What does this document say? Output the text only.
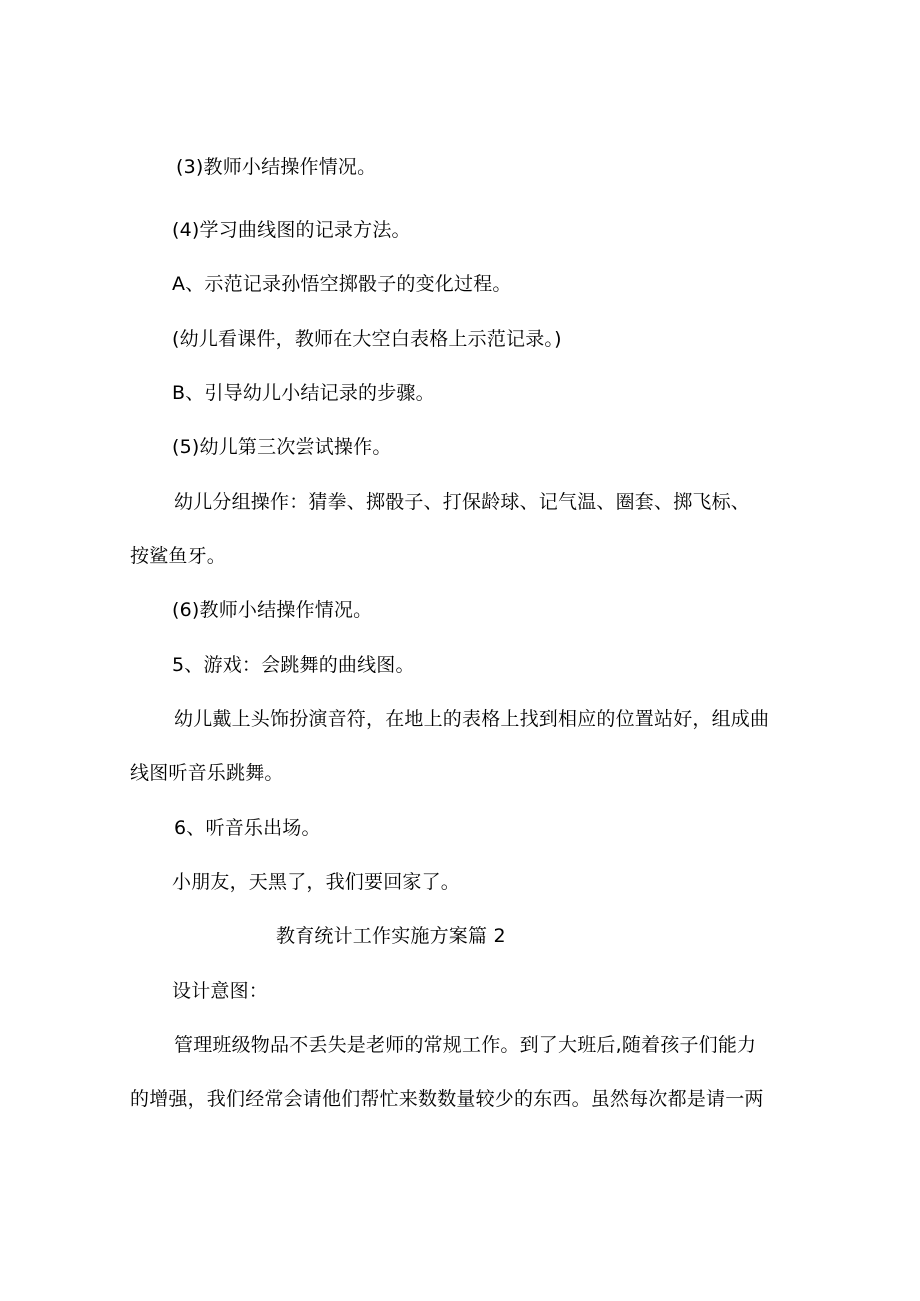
(3)教师小结操作情况。
(4)学习曲线图的记录方法。
A、示范记录孙悟空掷骰子的变化过程。
(幼儿看课件，教师在大空白表格上示范记录。)
B、引导幼儿小结记录的步骤。
(5)幼儿第三次尝试操作。
幼儿分组操作：猜拳、掷骰子、打保龄球、记气温、圈套、掷飞标、
按鲨鱼牙。
(6)教师小结操作情况。
5、游戏：会跳舞的曲线图。
幼儿戴上头饰扮演音符，在地上的表格上找到相应的位置站好，组成曲
线图听音乐跳舞。
6、听音乐出场。
小朋友，天黑了，我们要回家了。
教育统计工作实施方案篇 2
设计意图：
管理班级物品不丢失是老师的常规工作。到了大班后,随着孩子们能力
的增强，我们经常会请他们帮忙来数数量较少的东西。虽然每次都是请一两
